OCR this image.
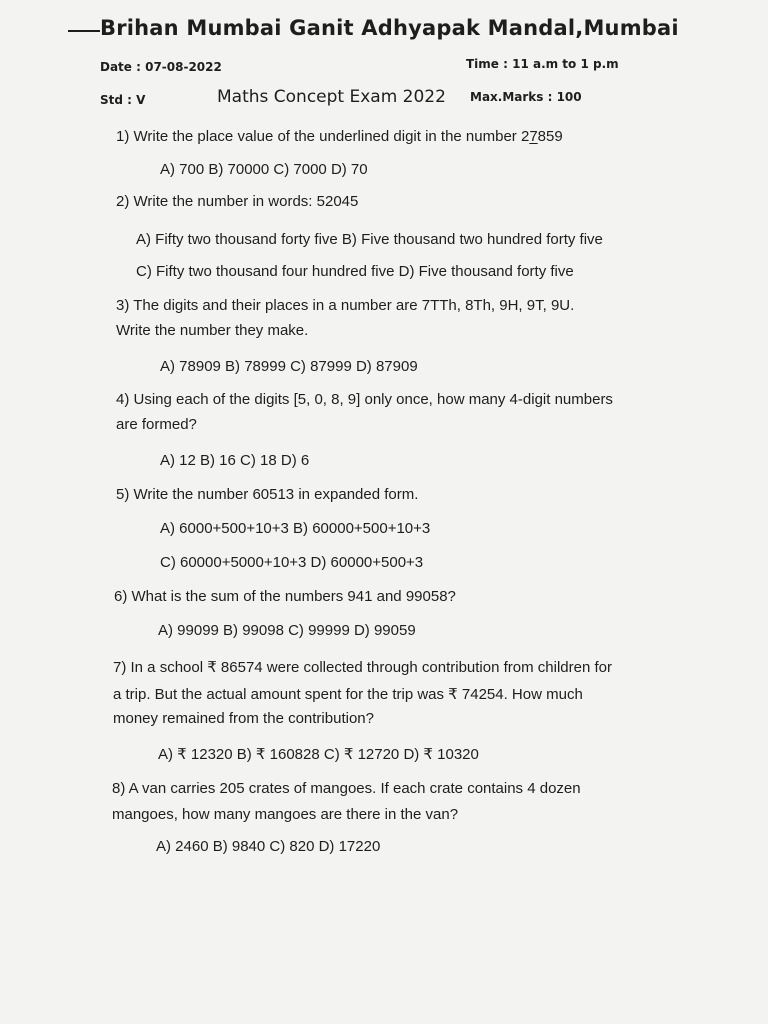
Brihan Mumbai Ganit Adhyapak Mandal,Mumbai
Date : 07-08-2022	Time : 11 a.m to 1 p.m
Std : V	Maths Concept Exam 2022 Max.Marks : 100
1) Write the place value of the underlined digit in the number 27859
A) 700 B) 70000 C) 7000 D) 70
2) Write the number in words: 52045
A) Fifty two thousand forty five B) Five thousand two hundred forty five
C) Fifty two thousand four hundred five D) Five thousand forty five
3) The digits and their places in a number are 7TTh, 8Th, 9H, 9T, 9U.
Write the number they make.
A) 78909 B) 78999 C) 87999 D) 87909
4) Using each of the digits [5, 0, 8, 9] only once, how many 4-digit numbers
are formed?
A) 12 B) 16 C) 18 D) 6
5) Write the number 60513 in expanded form.
A) 6000+500+10+3 B) 60000+500+10+3
C) 60000+5000+10+3 D) 60000+500+3
6) What is the sum of the numbers 941 and 99058?
A) 99099 B) 99098 C) 99999 D) 99059
7) In a school ₹ 86574 were collected through contribution from children for
a trip. But the actual amount spent for the trip was ₹ 74254. How much
money remained from the contribution?
A) ₹ 12320 B) ₹ 160828 C) ₹ 12720 D) ₹ 10320
8) A van carries 205 crates of mangoes. If each crate contains 4 dozen
mangoes, how many mangoes are there in the van?
A) 2460 B) 9840 C) 820 D) 17220
